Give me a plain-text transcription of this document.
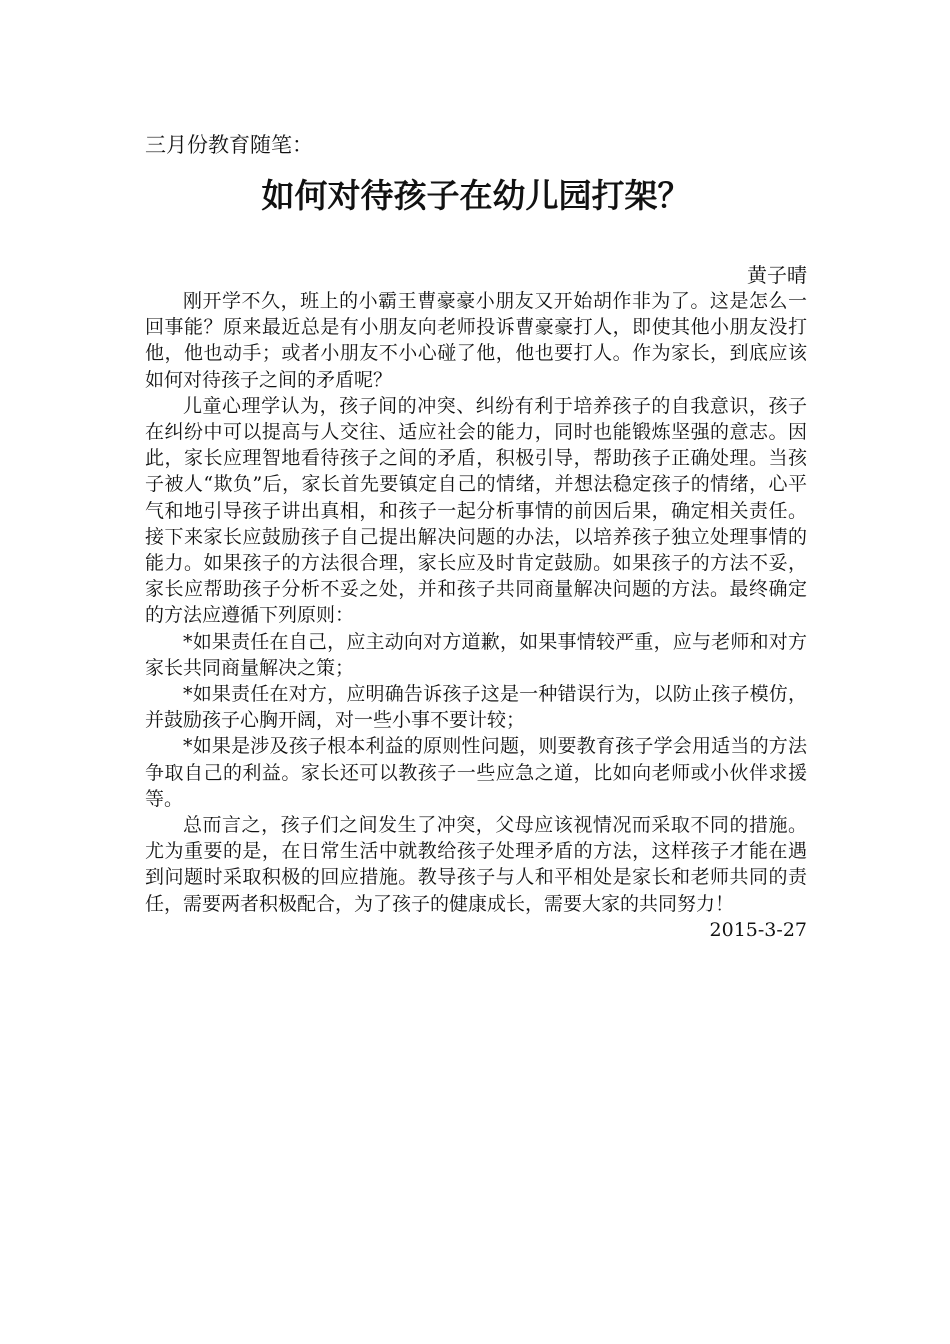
三月份教育随笔：

如何对待孩子在幼儿园打架？

黄子晴

刚开学不久，班上的小霸王曹豪豪小朋友又开始胡作非为了。这是怎么一回事能？原来最近总是有小朋友向老师投诉曹豪豪打人，即使其他小朋友没打他，他也动手；或者小朋友不小心碰了他，他也要打人。作为家长，到底应该如何对待孩子之间的矛盾呢？

儿童心理学认为，孩子间的冲突、纠纷有利于培养孩子的自我意识，孩子在纠纷中可以提高与人交往、适应社会的能力，同时也能锻炼坚强的意志。因此，家长应理智地看待孩子之间的矛盾，积极引导，帮助孩子正确处理。当孩子被人“欺负”后，家长首先要镇定自己的情绪，并想法稳定孩子的情绪，心平气和地引导孩子讲出真相，和孩子一起分析事情的前因后果，确定相关责任。接下来家长应鼓励孩子自己提出解决问题的办法，以培养孩子独立处理事情的能力。如果孩子的方法很合理，家长应及时肯定鼓励。如果孩子的方法不妥，家长应帮助孩子分析不妥之处，并和孩子共同商量解决问题的方法。最终确定的方法应遵循下列原则：

*如果责任在自己，应主动向对方道歉，如果事情较严重，应与老师和对方家长共同商量解决之策；

*如果责任在对方，应明确告诉孩子这是一种错误行为，以防止孩子模仿，并鼓励孩子心胸开阔，对一些小事不要计较；

*如果是涉及孩子根本利益的原则性问题，则要教育孩子学会用适当的方法争取自己的利益。家长还可以教孩子一些应急之道，比如向老师或小伙伴求援等。

总而言之，孩子们之间发生了冲突，父母应该视情况而采取不同的措施。尤为重要的是，在日常生活中就教给孩子处理矛盾的方法，这样孩子才能在遇到问题时采取积极的回应措施。教导孩子与人和平相处是家长和老师共同的责任，需要两者积极配合，为了孩子的健康成长，需要大家的共同努力！

2015-3-27
